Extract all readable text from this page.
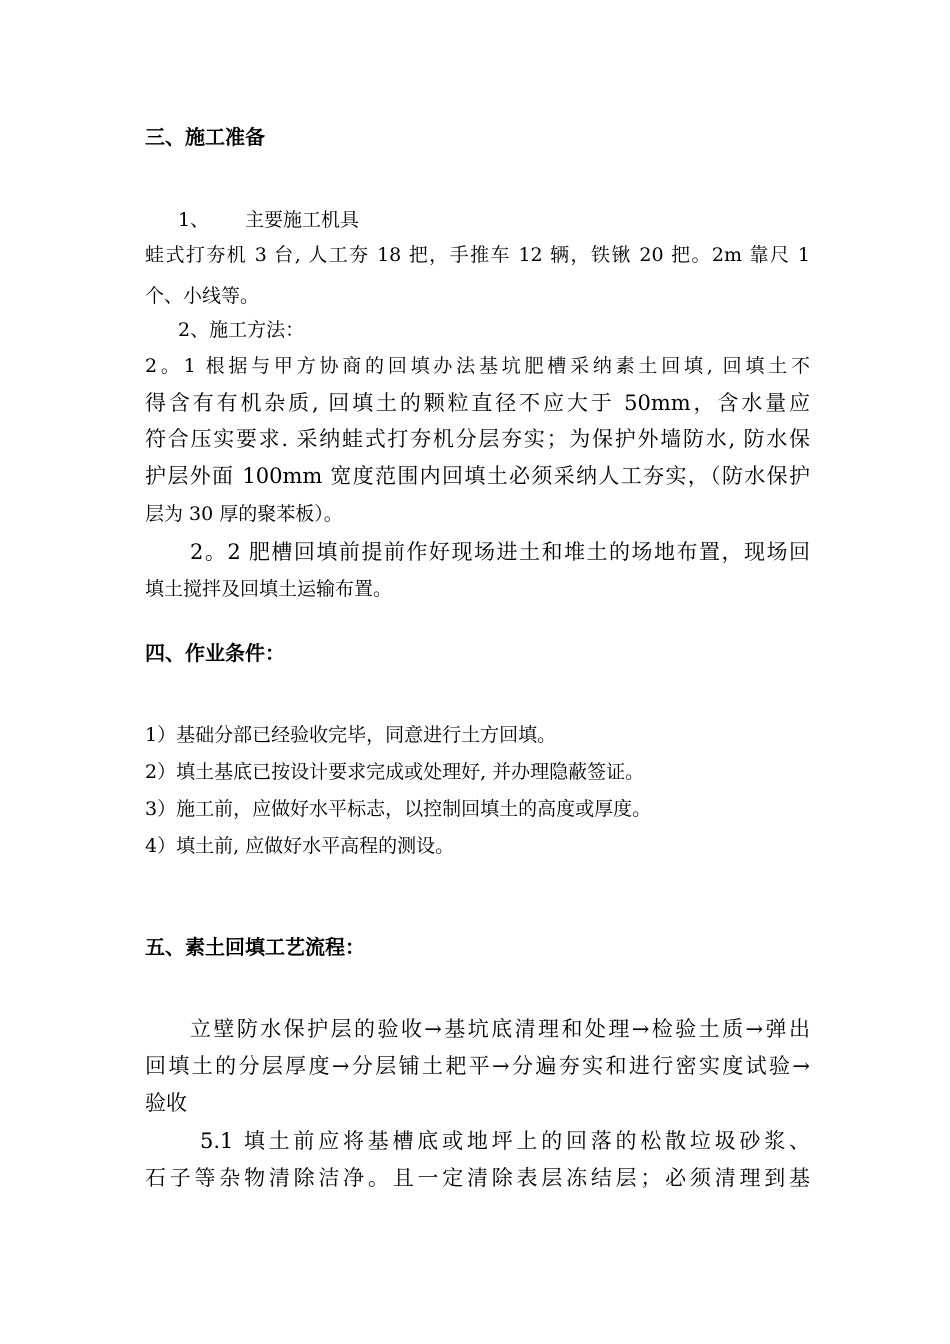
三、施工准备
1、 主要施工机具
蛙式打夯机 3 台, 人工夯 18 把，手推车 12 辆，铁锹 20 把。2m 靠尺 1
个、小线等。
2、施工方法：
2。1 根据与甲方协商的回填办法基坑肥槽采纳素土回填, 回填土不
得含有有机杂质, 回填土的颗粒直径不应大于 50mm，含水量应
符合压实要求. 采纳蛙式打夯机分层夯实；为保护外墙防水, 防水保
护层外面 100mm 宽度范围内回填土必须采纳人工夯实，（防水保护
层为 30 厚的聚苯板）。
2。2 肥槽回填前提前作好现场进土和堆土的场地布置，现场回
填土搅拌及回填土运输布置。
四、作业条件：
1）基础分部已经验收完毕，同意进行土方回填。
2）填土基底已按设计要求完成或处理好, 并办理隐蔽签证。
3）施工前，应做好水平标志，以控制回填土的高度或厚度。
4）填土前, 应做好水平高程的测设。
五、素土回填工艺流程：
立壁防水保护层的验收→基坑底清理和处理→检验土质→弹出
回填土的分层厚度→分层铺土耙平→分遍夯实和进行密实度试验→
验收
5.1 填土前应将基槽底或地坪上的回落的松散垃圾砂浆、
石子等杂物清除洁净。且一定清除表层冻结层；必须清理到基
